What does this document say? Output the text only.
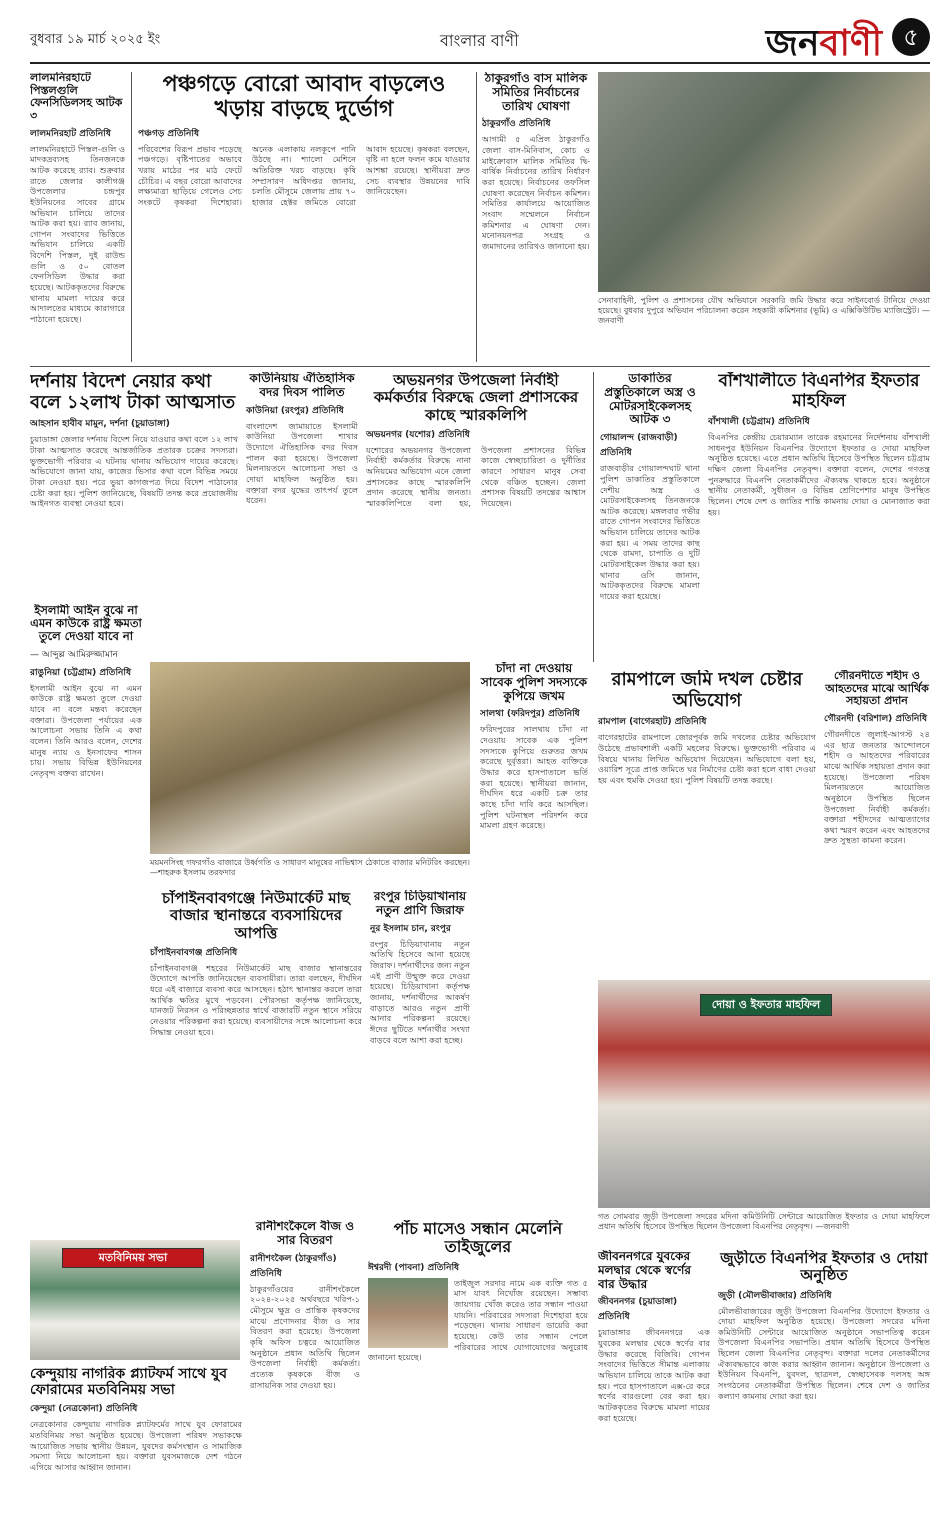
বুধবার ১৯ মার্চ ২০২৫ ইং	বাংলার বাণী	জনবাণী ৫

লালমনিরহাটে পিস্তলগুলি ফেনসিডিলসহ আটক ৩

লালমনিরহাট প্রতিনিধি

লালমনিরহাটে পিস্তল-গুলি ও মাদকদ্রব্যসহ তিনজনকে আটক করেছে র‍্যাব। শুক্রবার রাতে জেলার কালীগঞ্জ উপজেলার চন্দ্রপুর ইউনিয়নের সাবের গ্রামে অভিযান চালিয়ে তাদের আটক করা হয়। র‍্যাব জানায়, গোপন সংবাদের ভিত্তিতে অভিযান চালিয়ে একটি বিদেশি পিস্তল, দুই রাউন্ড গুলি ও ৫০ বোতল ফেনসিডিল উদ্ধার করা হয়েছে। আটককৃতদের বিরুদ্ধে থানায় মামলা দায়ের করে আদালতের মাধ্যমে কারাগারে পাঠানো হয়েছে।

পঞ্চগড়ে বোরো আবাদ বাড়লেও খড়ায় বাড়ছে দুর্ভোগ

পঞ্চগড় প্রতিনিধি

পরিবেশের বিরূপ প্রভাব পড়েছে পঞ্চগড়ে। বৃষ্টিপাতের অভাবে খরায় মাঠের পর মাঠ ফেটে চৌচির। এ বছর বোরো আবাদের লক্ষ্যমাত্রা ছাড়িয়ে গেলেও সেচ সংকটে কৃষকরা দিশেহারা। অনেক এলাকায় নলকূপে পানি উঠছে না। শ্যালো মেশিনে অতিরিক্ত খরচ বাড়ছে। কৃষি সম্প্রসারণ অধিদপ্তর জানায়, চলতি মৌসুমে জেলায় প্রায় ৭০ হাজার হেক্টর জমিতে বোরো আবাদ হয়েছে। কৃষকরা বলছেন, বৃষ্টি না হলে ফলন কমে যাওয়ার আশঙ্কা রয়েছে। স্থানীয়রা দ্রুত সেচ ব্যবস্থার উন্নয়নের দাবি জানিয়েছেন।

ঠাকুরগাঁও বাস মালিক সমিতির নির্বাচনের তারিখ ঘোষণা

ঠাকুরগাঁও প্রতিনিধি

আগামী ৫ এপ্রিল ঠাকুরগাঁও জেলা বাস-মিনিবাস, কোচ ও মাইক্রোবাস মালিক সমিতির দ্বি-বার্ষিক নির্বাচনের তারিখ নির্ধারণ করা হয়েছে। নির্বাচনের তফসিল ঘোষণা করেছেন নির্বাচন কমিশন। সমিতির কার্যালয়ে আয়োজিত সংবাদ সম্মেলনে নির্বাচন কমিশনার এ ঘোষণা দেন। মনোনয়নপত্র সংগ্রহ ও জমাদানের তারিখও জানানো হয়।

সেনাবাহিনী, পুলিশ ও প্রশাসনের যৌথ অভিযানে সরকারি জমি উদ্ধার করে সাইনবোর্ড টানিয়ে দেওয়া হয়েছে। বুধবার দুপুরে অভিযান পরিচালনা করেন সহকারী কমিশনার (ভূমি) ও এক্সিকিউটিভ ম্যাজিস্ট্রেট। —জনবাণী

দর্শনায় বিদেশ নেয়ার কথা বলে ১২লাখ টাকা আত্মসাত

আহসান হাবীব মামুন, দর্শনা (চুয়াডাঙ্গা)

চুয়াডাঙ্গা জেলার দর্শনায় বিদেশ নিয়ে যাওয়ার কথা বলে ১২ লাখ টাকা আত্মসাত করেছে আন্তর্জাতিক প্রতারক চক্রের সদস্যরা। ভুক্তভোগী পরিবার এ ঘটনায় থানায় অভিযোগ দায়ের করেছে। অভিযোগে জানা যায়, কাজের ভিসার কথা বলে বিভিন্ন সময়ে টাকা নেওয়া হয়। পরে ভুয়া কাগজপত্র দিয়ে বিদেশ পাঠানোর চেষ্টা করা হয়। পুলিশ জানিয়েছে, বিষয়টি তদন্ত করে প্রয়োজনীয় আইনগত ব্যবস্থা নেওয়া হবে।

কাউনিয়ায় ঐতিহাসিক বদর দিবস পালিত

কাউনিয়া (রংপুর) প্রতিনিধি

বাংলাদেশ জামায়াতে ইসলামী কাউনিয়া উপজেলা শাখার উদ্যোগে ঐতিহাসিক বদর দিবস পালন করা হয়েছে। উপজেলা মিলনায়তনে আলোচনা সভা ও দোয়া মাহফিল অনুষ্ঠিত হয়। বক্তারা বদর যুদ্ধের তাৎপর্য তুলে ধরেন।

অভয়নগর উপজেলা নির্বাহী কর্মকর্তার বিরুদ্ধে জেলা প্রশাসকের কাছে স্মারকলিপি

অভয়নগর (যশোর) প্রতিনিধি

যশোরের অভয়নগর উপজেলা নির্বাহী কর্মকর্তার বিরুদ্ধে নানা অনিয়মের অভিযোগ এনে জেলা প্রশাসকের কাছে স্মারকলিপি প্রদান করেছে স্থানীয় জনতা। স্মারকলিপিতে বলা হয়, উপজেলা প্রশাসনের বিভিন্ন কাজে স্বেচ্ছাচারিতা ও দুর্নীতির কারণে সাধারণ মানুষ সেবা থেকে বঞ্চিত হচ্ছেন। জেলা প্রশাসক বিষয়টি তদন্তের আশ্বাস দিয়েছেন।

ডাকাতির প্রস্তুতিকালে অস্ত্র ও মোটরসাইকেলসহ আটক ৩

গোয়ালন্দ (রাজবাড়ী) প্রতিনিধি

রাজবাড়ীর গোয়ালন্দঘাট থানা পুলিশ ডাকাতির প্রস্তুতিকালে দেশীয় অস্ত্র ও মোটরসাইকেলসহ তিনজনকে আটক করেছে। মঙ্গলবার গভীর রাতে গোপন সংবাদের ভিত্তিতে অভিযান চালিয়ে তাদের আটক করা হয়। এ সময় তাদের কাছ থেকে রামদা, চাপাতি ও দুটি মোটরসাইকেল উদ্ধার করা হয়। থানার ওসি জানান, আটককৃতদের বিরুদ্ধে মামলা দায়ের করা হয়েছে।

বাঁশখালীতে বিএনপির ইফতার মাহফিল

বাঁশখালী (চট্টগ্রাম) প্রতিনিধি

বিএনপির কেন্দ্রীয় চেয়ারম্যান তারেক রহমানের নির্দেশনায় বাঁশখালী সাধনপুর ইউনিয়ন বিএনপির উদ্যোগে ইফতার ও দোয়া মাহফিল অনুষ্ঠিত হয়েছে। এতে প্রধান অতিথি হিসেবে উপস্থিত ছিলেন চট্টগ্রাম দক্ষিণ জেলা বিএনপির নেতৃবৃন্দ। বক্তারা বলেন, দেশের গণতন্ত্র পুনরুদ্ধারে বিএনপি নেতাকর্মীদের ঐক্যবদ্ধ থাকতে হবে। অনুষ্ঠানে স্থানীয় নেতাকর্মী, সুধীজন ও বিভিন্ন শ্রেণিপেশার মানুষ উপস্থিত ছিলেন। শেষে দেশ ও জাতির শান্তি কামনায় দোয়া ও মোনাজাত করা হয়।

ইসলামী আইন বুঝে না এমন কাউকে রাষ্ট্র ক্ষমতা তুলে দেওয়া যাবে না

— আব্দুল্ল আমিরুজ্জামান

রাঙুনিয়া (চট্টগ্রাম) প্রতিনিধি

ইসলামী আইন বুঝে না এমন কাউকে রাষ্ট্র ক্ষমতা তুলে দেওয়া যাবে না বলে মন্তব্য করেছেন বক্তারা। উপজেলা পর্যায়ের এক আলোচনা সভায় তিনি এ কথা বলেন। তিনি আরও বলেন, দেশের মানুষ ন্যায় ও ইনসাফের শাসন চায়। সভায় বিভিন্ন ইউনিয়নের নেতৃবৃন্দ বক্তব্য রাখেন।

ময়মনসিংহ গফরগাঁও বাজারে উর্ধ্বগতি ও সাধারণ মানুষের নাভিশ্বাস ঠেকাতে বাজার মনিটরিং করছেন। —শাহরুক ইসলাম তরফদার

চাঁদা না দেওয়ায় সাবেক পুলিশ সদস্যকে কুপিয়ে জখম

সালথা (ফরিদপুর) প্রতিনিধি

ফরিদপুরের সালথায় চাঁদা না দেওয়ায় সাবেক এক পুলিশ সদস্যকে কুপিয়ে গুরুতর জখম করেছে দুর্বৃত্তরা। আহত ব্যক্তিকে উদ্ধার করে হাসপাতালে ভর্তি করা হয়েছে। স্থানীয়রা জানান, দীর্ঘদিন ধরে একটি চক্র তার কাছে চাঁদা দাবি করে আসছিল। পুলিশ ঘটনাস্থল পরিদর্শন করে মামলা গ্রহণ করেছে।

রামপালে জমি দখল চেষ্টার অভিযোগ

রামপাল (বাগেরহাট) প্রতিনিধি

বাগেরহাটের রামপালে জোরপূর্বক জমি দখলের চেষ্টার অভিযোগ উঠেছে প্রভাবশালী একটি মহলের বিরুদ্ধে। ভুক্তভোগী পরিবার এ বিষয়ে থানায় লিখিত অভিযোগ দিয়েছেন। অভিযোগে বলা হয়, ওয়ারিশ সূত্রে প্রাপ্ত জমিতে ঘর নির্মাণের চেষ্টা করা হলে বাধা দেওয়া হয় এবং হুমকি দেওয়া হয়। পুলিশ বিষয়টি তদন্ত করছে।

গৌরনদীতে শহীদ ও আহতদের মাঝে আর্থিক সহায়তা প্রদান

গৌরনদী (বরিশাল) প্রতিনিধি

গৌরনদীতে জুলাই-আগস্ট ২৪ এর ছাত্র জনতার আন্দোলনে শহীদ ও আহতদের পরিবারের মাঝে আর্থিক সহায়তা প্রদান করা হয়েছে। উপজেলা পরিষদ মিলনায়তনে আয়োজিত অনুষ্ঠানে উপস্থিত ছিলেন উপজেলা নির্বাহী কর্মকর্তা। বক্তারা শহীদদের আত্মত্যাগের কথা স্মরণ করেন এবং আহতদের দ্রুত সুস্থতা কামনা করেন।

চাঁপাইনবাবগঞ্জে নিউমার্কেট মাছ বাজার স্থানান্তরে ব্যবসায়িদের আপত্তি

চাঁপাইনবাবগঞ্জ প্রতিনিধি

চাঁপাইনবাবগঞ্জ শহরের নিউমার্কেট মাছ বাজার স্থানান্তরের উদ্যোগে আপত্তি জানিয়েছেন ব্যবসায়ীরা। তারা বলছেন, দীর্ঘদিন ধরে এই বাজারে ব্যবসা করে আসছেন। হঠাৎ স্থানান্তর করলে তারা আর্থিক ক্ষতির মুখে পড়বেন। পৌরসভা কর্তৃপক্ষ জানিয়েছে, যানজট নিরসন ও পরিচ্ছন্নতার স্বার্থে বাজারটি নতুন স্থানে সরিয়ে নেওয়ার পরিকল্পনা করা হয়েছে। ব্যবসায়ীদের সঙ্গে আলোচনা করে সিদ্ধান্ত নেওয়া হবে।

রংপুর চিড়িয়াখানায় নতুন প্রাণি জিরাফ

নুর ইসলাম চান, রংপুর

রংপুর চিড়িয়াখানায় নতুন অতিথি হিসেবে আনা হয়েছে জিরাফ। দর্শনার্থীদের জন্য নতুন এই প্রাণী উন্মুক্ত করে দেওয়া হয়েছে। চিড়িয়াখানা কর্তৃপক্ষ জানায়, দর্শনার্থীদের আকর্ষণ বাড়াতে আরও নতুন প্রাণী আনার পরিকল্পনা রয়েছে। ঈদের ছুটিতে দর্শনার্থীর সংখ্যা বাড়বে বলে আশা করা হচ্ছে।

দোয়া ও ইফতার মাহফিল
গত সোমবার জুড়ী উপজেলা সদরের মদিনা কমিউনিটি সেন্টারে আয়োজিত ইফতার ও দোয়া মাহফিলে প্রধান অতিথি হিসেবে উপস্থিত ছিলেন উপজেলা বিএনপির নেতৃবৃন্দ। —জনবাণী
মতবিনিময় সভা

কেন্দুয়ায় নাগরিক প্ল্যাটফর্ম সাথে যুব ফোরামের মতবিনিময় সভা

কেন্দুয়া (নেত্রকোনা) প্রতিনিধি

নেত্রকোনার কেন্দুয়ায় নাগরিক প্ল্যাটফর্মের সাথে যুব ফোরামের মতবিনিময় সভা অনুষ্ঠিত হয়েছে। উপজেলা পরিষদ সভাকক্ষে আয়োজিত সভায় স্থানীয় উন্নয়ন, যুবদের কর্মসংস্থান ও সামাজিক সমস্যা নিয়ে আলোচনা হয়। বক্তারা যুবসমাজকে দেশ গঠনে এগিয়ে আসার আহ্বান জানান।

রানীশংকৈলে বীজ ও সার বিতরণ

রানীশংকৈল (ঠাকুরগাঁও) প্রতিনিধি

ঠাকুরগাঁওয়ের রানীশংকৈলে ২০২৪-২০২৫ অর্থবছরে খরিপ-১ মৌসুমে ক্ষুদ্র ও প্রান্তিক কৃষকদের মাঝে প্রণোদনার বীজ ও সার বিতরণ করা হয়েছে। উপজেলা কৃষি অফিস চত্বরে আয়োজিত অনুষ্ঠানে প্রধান অতিথি ছিলেন উপজেলা নির্বাহী কর্মকর্তা। প্রত্যেক কৃষককে বীজ ও রাসায়নিক সার দেওয়া হয়।

পাঁচ মাসেও সন্ধান মেলেনি তাইজুলের

ঈশ্বরদী (পাবনা) প্রতিনিধি

তাইজুল সরদার নামে এক ব্যক্তি গত ৫ মাস যাবৎ নিখোঁজ রয়েছেন। সম্ভাব্য জায়গায় খোঁজ করেও তার সন্ধান পাওয়া যায়নি। পরিবারের সদস্যরা দিশেহারা হয়ে পড়েছেন। থানায় সাধারণ ডায়েরি করা হয়েছে। কেউ তার সন্ধান পেলে পরিবারের সাথে যোগাযোগের অনুরোধ জানানো হয়েছে।

জীবননগরে যুবকের মলদ্বার থেকে স্বর্ণের বার উদ্ধার

জীবননগর (চুয়াডাঙ্গা) প্রতিনিধি

চুয়াডাঙ্গার জীবননগরে এক যুবকের মলদ্বার থেকে স্বর্ণের বার উদ্ধার করেছে বিজিবি। গোপন সংবাদের ভিত্তিতে সীমান্ত এলাকায় অভিযান চালিয়ে তাকে আটক করা হয়। পরে হাসপাতালে এক্স-রে করে স্বর্ণের বারগুলো বের করা হয়। আটককৃতের বিরুদ্ধে মামলা দায়ের করা হয়েছে।

জুড়ীতে বিএনপির ইফতার ও দোয়া অনুষ্ঠিত

জুড়ী (মৌলভীবাজার) প্রতিনিধি

মৌলভীবাজারের জুড়ী উপজেলা বিএনপির উদ্যোগে ইফতার ও দোয়া মাহফিল অনুষ্ঠিত হয়েছে। উপজেলা সদরের মদিনা কমিউনিটি সেন্টারে আয়োজিত অনুষ্ঠানে সভাপতিত্ব করেন উপজেলা বিএনপির সভাপতি। প্রধান অতিথি হিসেবে উপস্থিত ছিলেন জেলা বিএনপির নেতৃবৃন্দ। বক্তারা দলের নেতাকর্মীদের ঐক্যবদ্ধভাবে কাজ করার আহ্বান জানান। অনুষ্ঠানে উপজেলা ও ইউনিয়ন বিএনপি, যুবদল, ছাত্রদল, স্বেচ্ছাসেবক দলসহ অঙ্গ সংগঠনের নেতাকর্মীরা উপস্থিত ছিলেন। শেষে দেশ ও জাতির কল্যাণ কামনায় দোয়া করা হয়।
